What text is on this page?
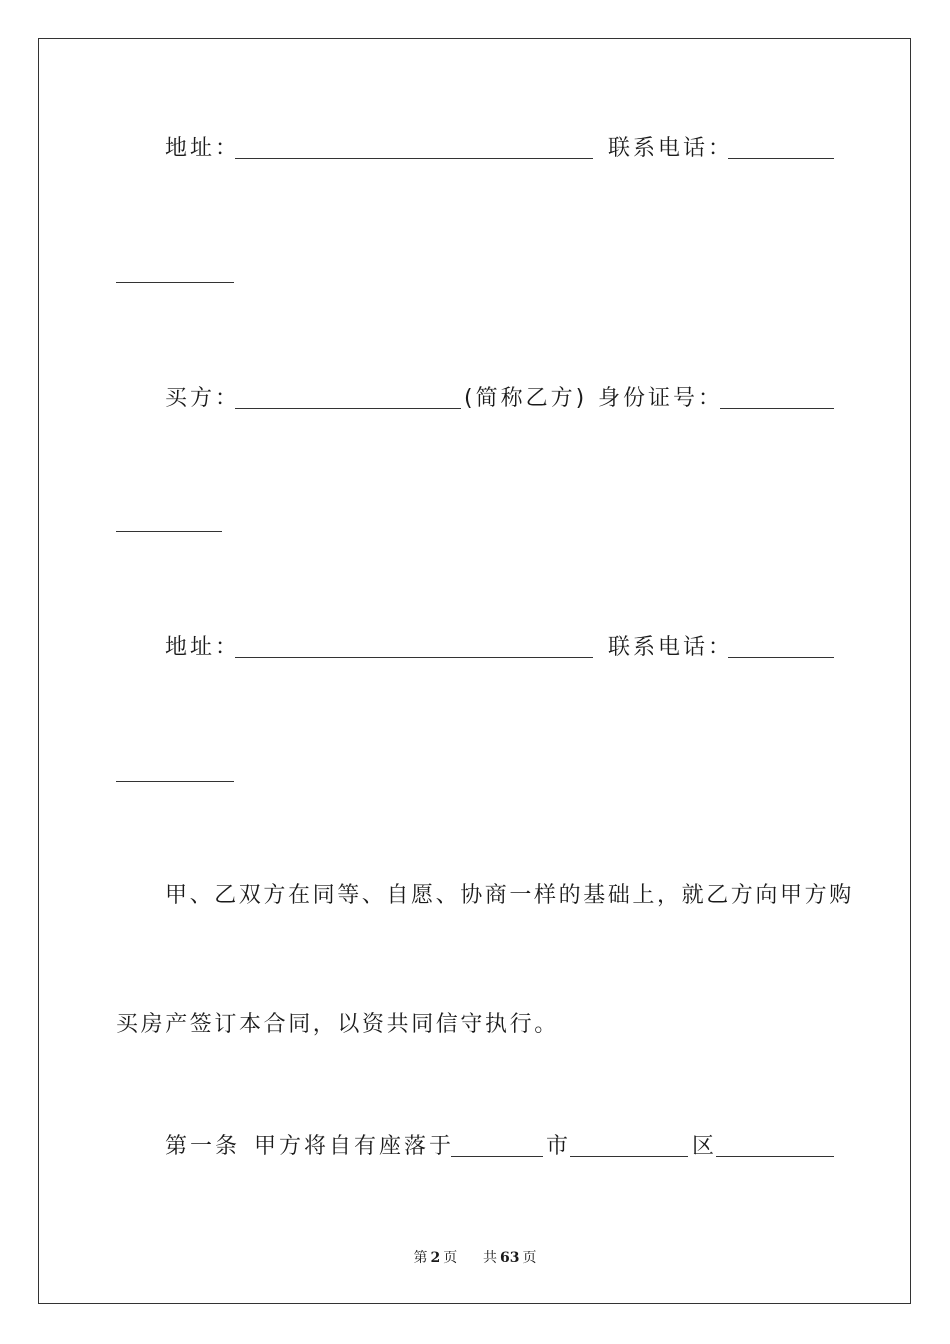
地址：	联系电话：
买方：	(简称乙方) 身份证号：
地址：	联系电话：
甲、乙双方在同等、自愿、协商一样的基础上，就乙方向甲方购
买房产签订本合同，以资共同信守执行。
第一条 甲方将自有座落于	市	区
第 2 页 共 63 页
